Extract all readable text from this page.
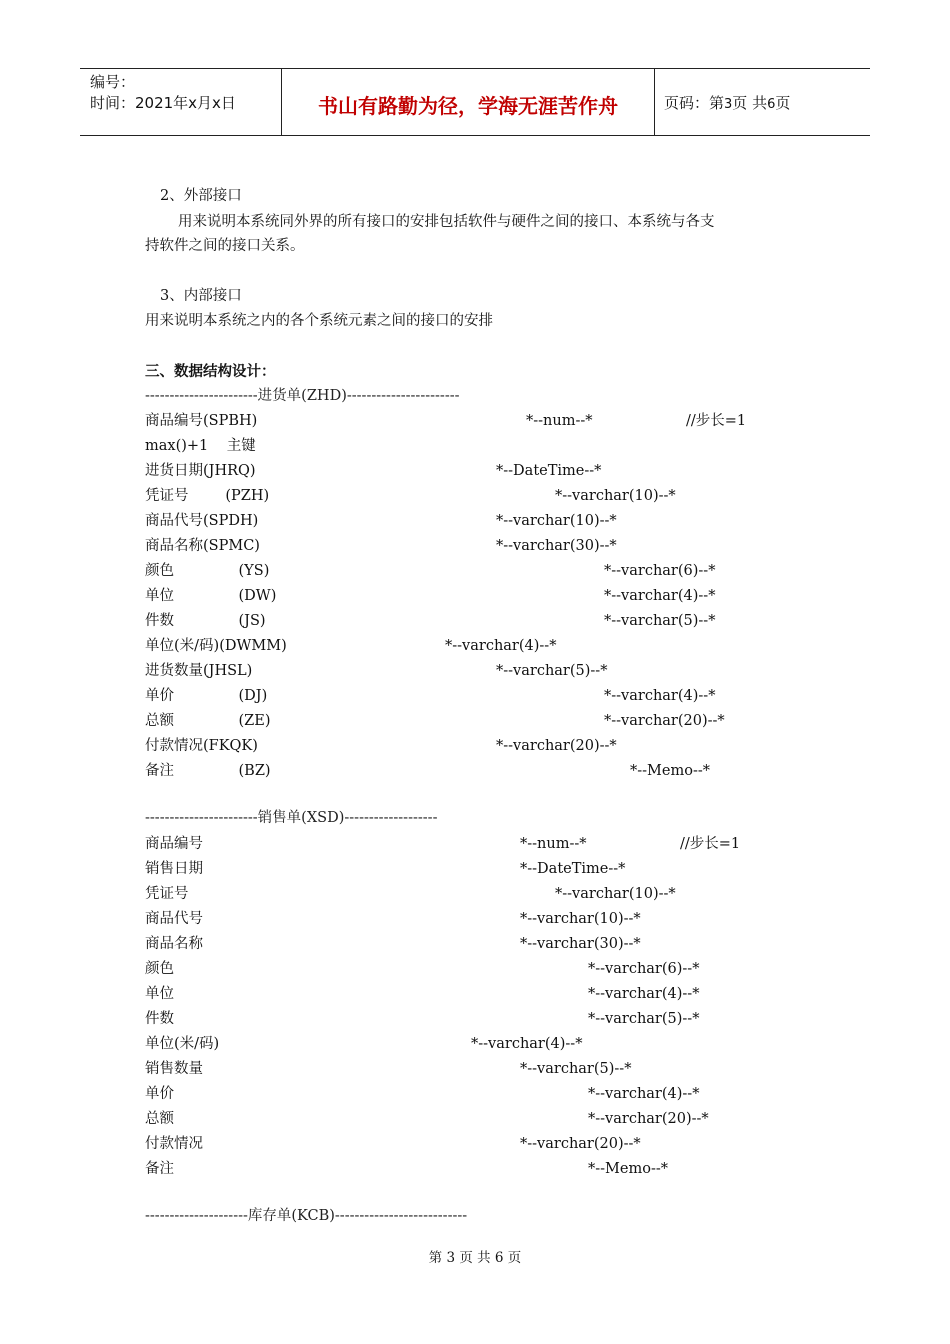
编号：
时间：2021年x月x日	书山有路勤为径，学海无涯苦作舟	页码：第3页 共6页
2、外部接口
用来说明本系统同外界的所有接口的安排包括软件与硬件之间的接口、本系统与各支
持软件之间的接口关系。
3、内部接口
用来说明本系统之内的各个系统元素之间的接口的安排
三、数据结构设计：
-----------------------进货单(ZHD)-----------------------
商品编号(SPBH)	*--num--*	//步长=1
max()+1    主键
进货日期(JHRQ)	*--DateTime--*
凭证号        (PZH)	*--varchar(10)--*
商品代号(SPDH)	*--varchar(10)--*
商品名称(SPMC)	*--varchar(30)--*
颜色              (YS)	*--varchar(6)--*
单位              (DW)	*--varchar(4)--*
件数              (JS)	*--varchar(5)--*
单位(米/码)(DWMM)	*--varchar(4)--*
进货数量(JHSL)	*--varchar(5)--*
单价              (DJ)	*--varchar(4)--*
总额              (ZE)	*--varchar(20)--*
付款情况(FKQK)	*--varchar(20)--*
备注              (BZ)	*--Memo--*
-----------------------销售单(XSD)-------------------
商品编号	*--num--*	//步长=1
销售日期	*--DateTime--*
凭证号	*--varchar(10)--*
商品代号	*--varchar(10)--*
商品名称	*--varchar(30)--*
颜色	*--varchar(6)--*
单位	*--varchar(4)--*
件数	*--varchar(5)--*
单位(米/码)	*--varchar(4)--*
销售数量	*--varchar(5)--*
单价	*--varchar(4)--*
总额	*--varchar(20)--*
付款情况	*--varchar(20)--*
备注	*--Memo--*
---------------------库存单(KCB)---------------------------
第 3 页 共 6 页
